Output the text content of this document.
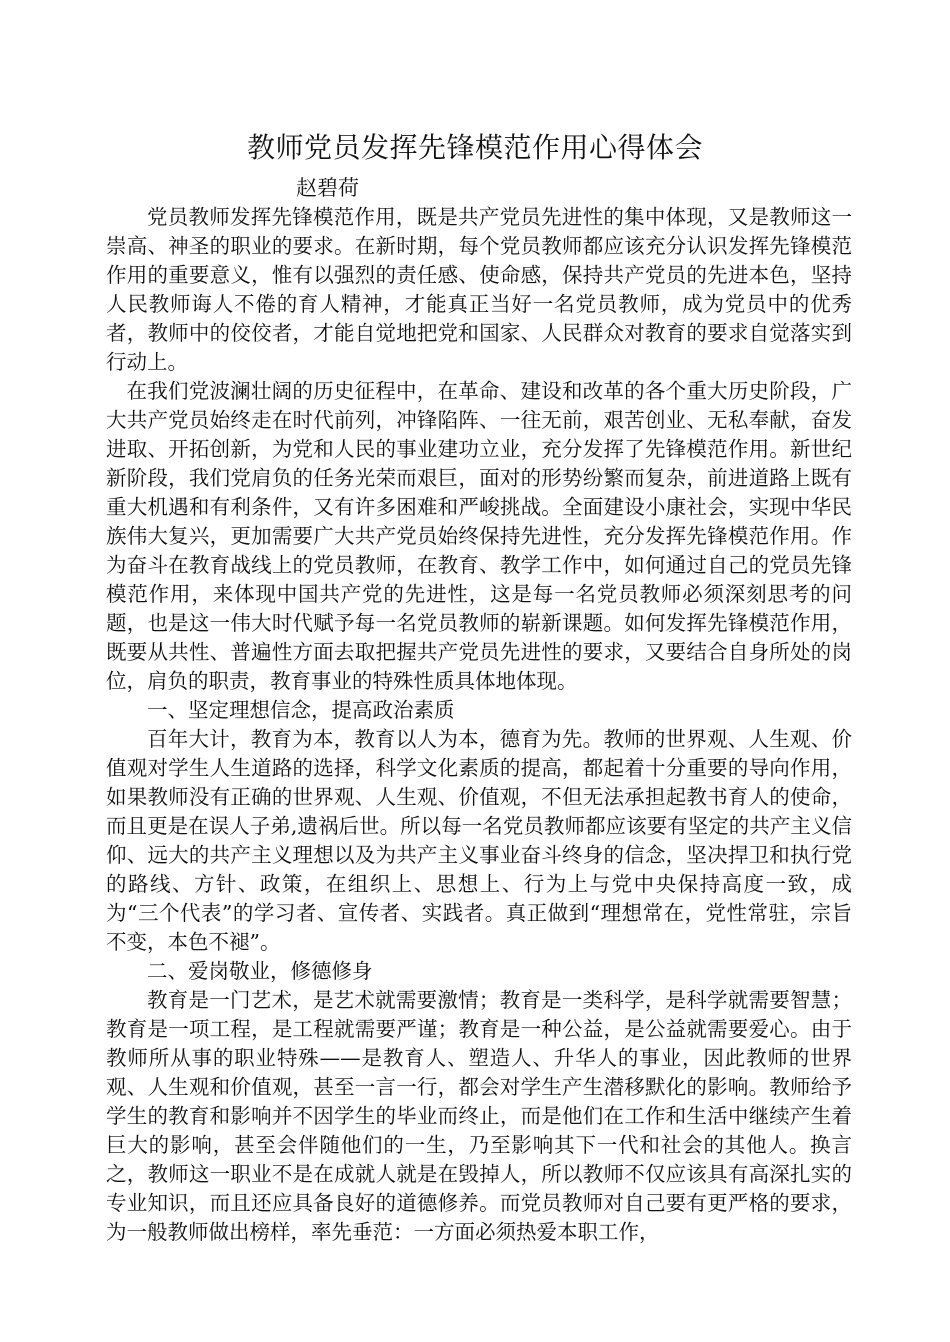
教师党员发挥先锋模范作用心得体会

赵碧荷

党员教师发挥先锋模范作用，既是共产党员先进性的集中体现，又是教师这一崇高、神圣的职业的要求。在新时期，每个党员教师都应该充分认识发挥先锋模范作用的重要意义，惟有以强烈的责任感、使命感，保持共产党员的先进本色，坚持人民教师诲人不倦的育人精神，才能真正当好一名党员教师，成为党员中的优秀者，教师中的佼佼者，才能自觉地把党和国家、人民群众对教育的要求自觉落实到行动上。

在我们党波澜壮阔的历史征程中，在革命、建设和改革的各个重大历史阶段，广大共产党员始终走在时代前列，冲锋陷阵、一往无前，艰苦创业、无私奉献，奋发进取、开拓创新，为党和人民的事业建功立业，充分发挥了先锋模范作用。新世纪新阶段，我们党肩负的任务光荣而艰巨，面对的形势纷繁而复杂，前进道路上既有重大机遇和有利条件，又有许多困难和严峻挑战。全面建设小康社会，实现中华民族伟大复兴，更加需要广大共产党员始终保持先进性，充分发挥先锋模范作用。作为奋斗在教育战线上的党员教师，在教育、教学工作中，如何通过自己的党员先锋模范作用，来体现中国共产党的先进性，这是每一名党员教师必须深刻思考的问题，也是这一伟大时代赋予每一名党员教师的崭新课题。如何发挥先锋模范作用，既要从共性、普遍性方面去取把握共产党员先进性的要求，又要结合自身所处的岗位，肩负的职责，教育事业的特殊性质具体地体现。

一、坚定理想信念，提高政治素质

百年大计，教育为本，教育以人为本，德育为先。教师的世界观、人生观、价值观对学生人生道路的选择，科学文化素质的提高，都起着十分重要的导向作用，如果教师没有正确的世界观、人生观、价值观，不但无法承担起教书育人的使命，而且更是在误人子弟,遗祸后世。所以每一名党员教师都应该要有坚定的共产主义信仰、远大的共产主义理想以及为共产主义事业奋斗终身的信念，坚决捍卫和执行党的路线、方针、政策，在组织上、思想上、行为上与党中央保持高度一致，成为“三个代表”的学习者、宣传者、实践者。真正做到“理想常在，党性常驻，宗旨不变，本色不褪”。

二、爱岗敬业，修德修身

教育是一门艺术，是艺术就需要激情；教育是一类科学，是科学就需要智慧；教育是一项工程，是工程就需要严谨；教育是一种公益，是公益就需要爱心。由于教师所从事的职业特殊——是教育人、塑造人、升华人的事业，因此教师的世界观、人生观和价值观，甚至一言一行，都会对学生产生潜移默化的影响。教师给予学生的教育和影响并不因学生的毕业而终止，而是他们在工作和生活中继续产生着巨大的影响，甚至会伴随他们的一生，乃至影响其下一代和社会的其他人。换言之，教师这一职业不是在成就人就是在毁掉人，所以教师不仅应该具有高深扎实的专业知识，而且还应具备良好的道德修养。而党员教师对自己要有更严格的要求，为一般教师做出榜样，率先垂范：一方面必须热爱本职工作，
